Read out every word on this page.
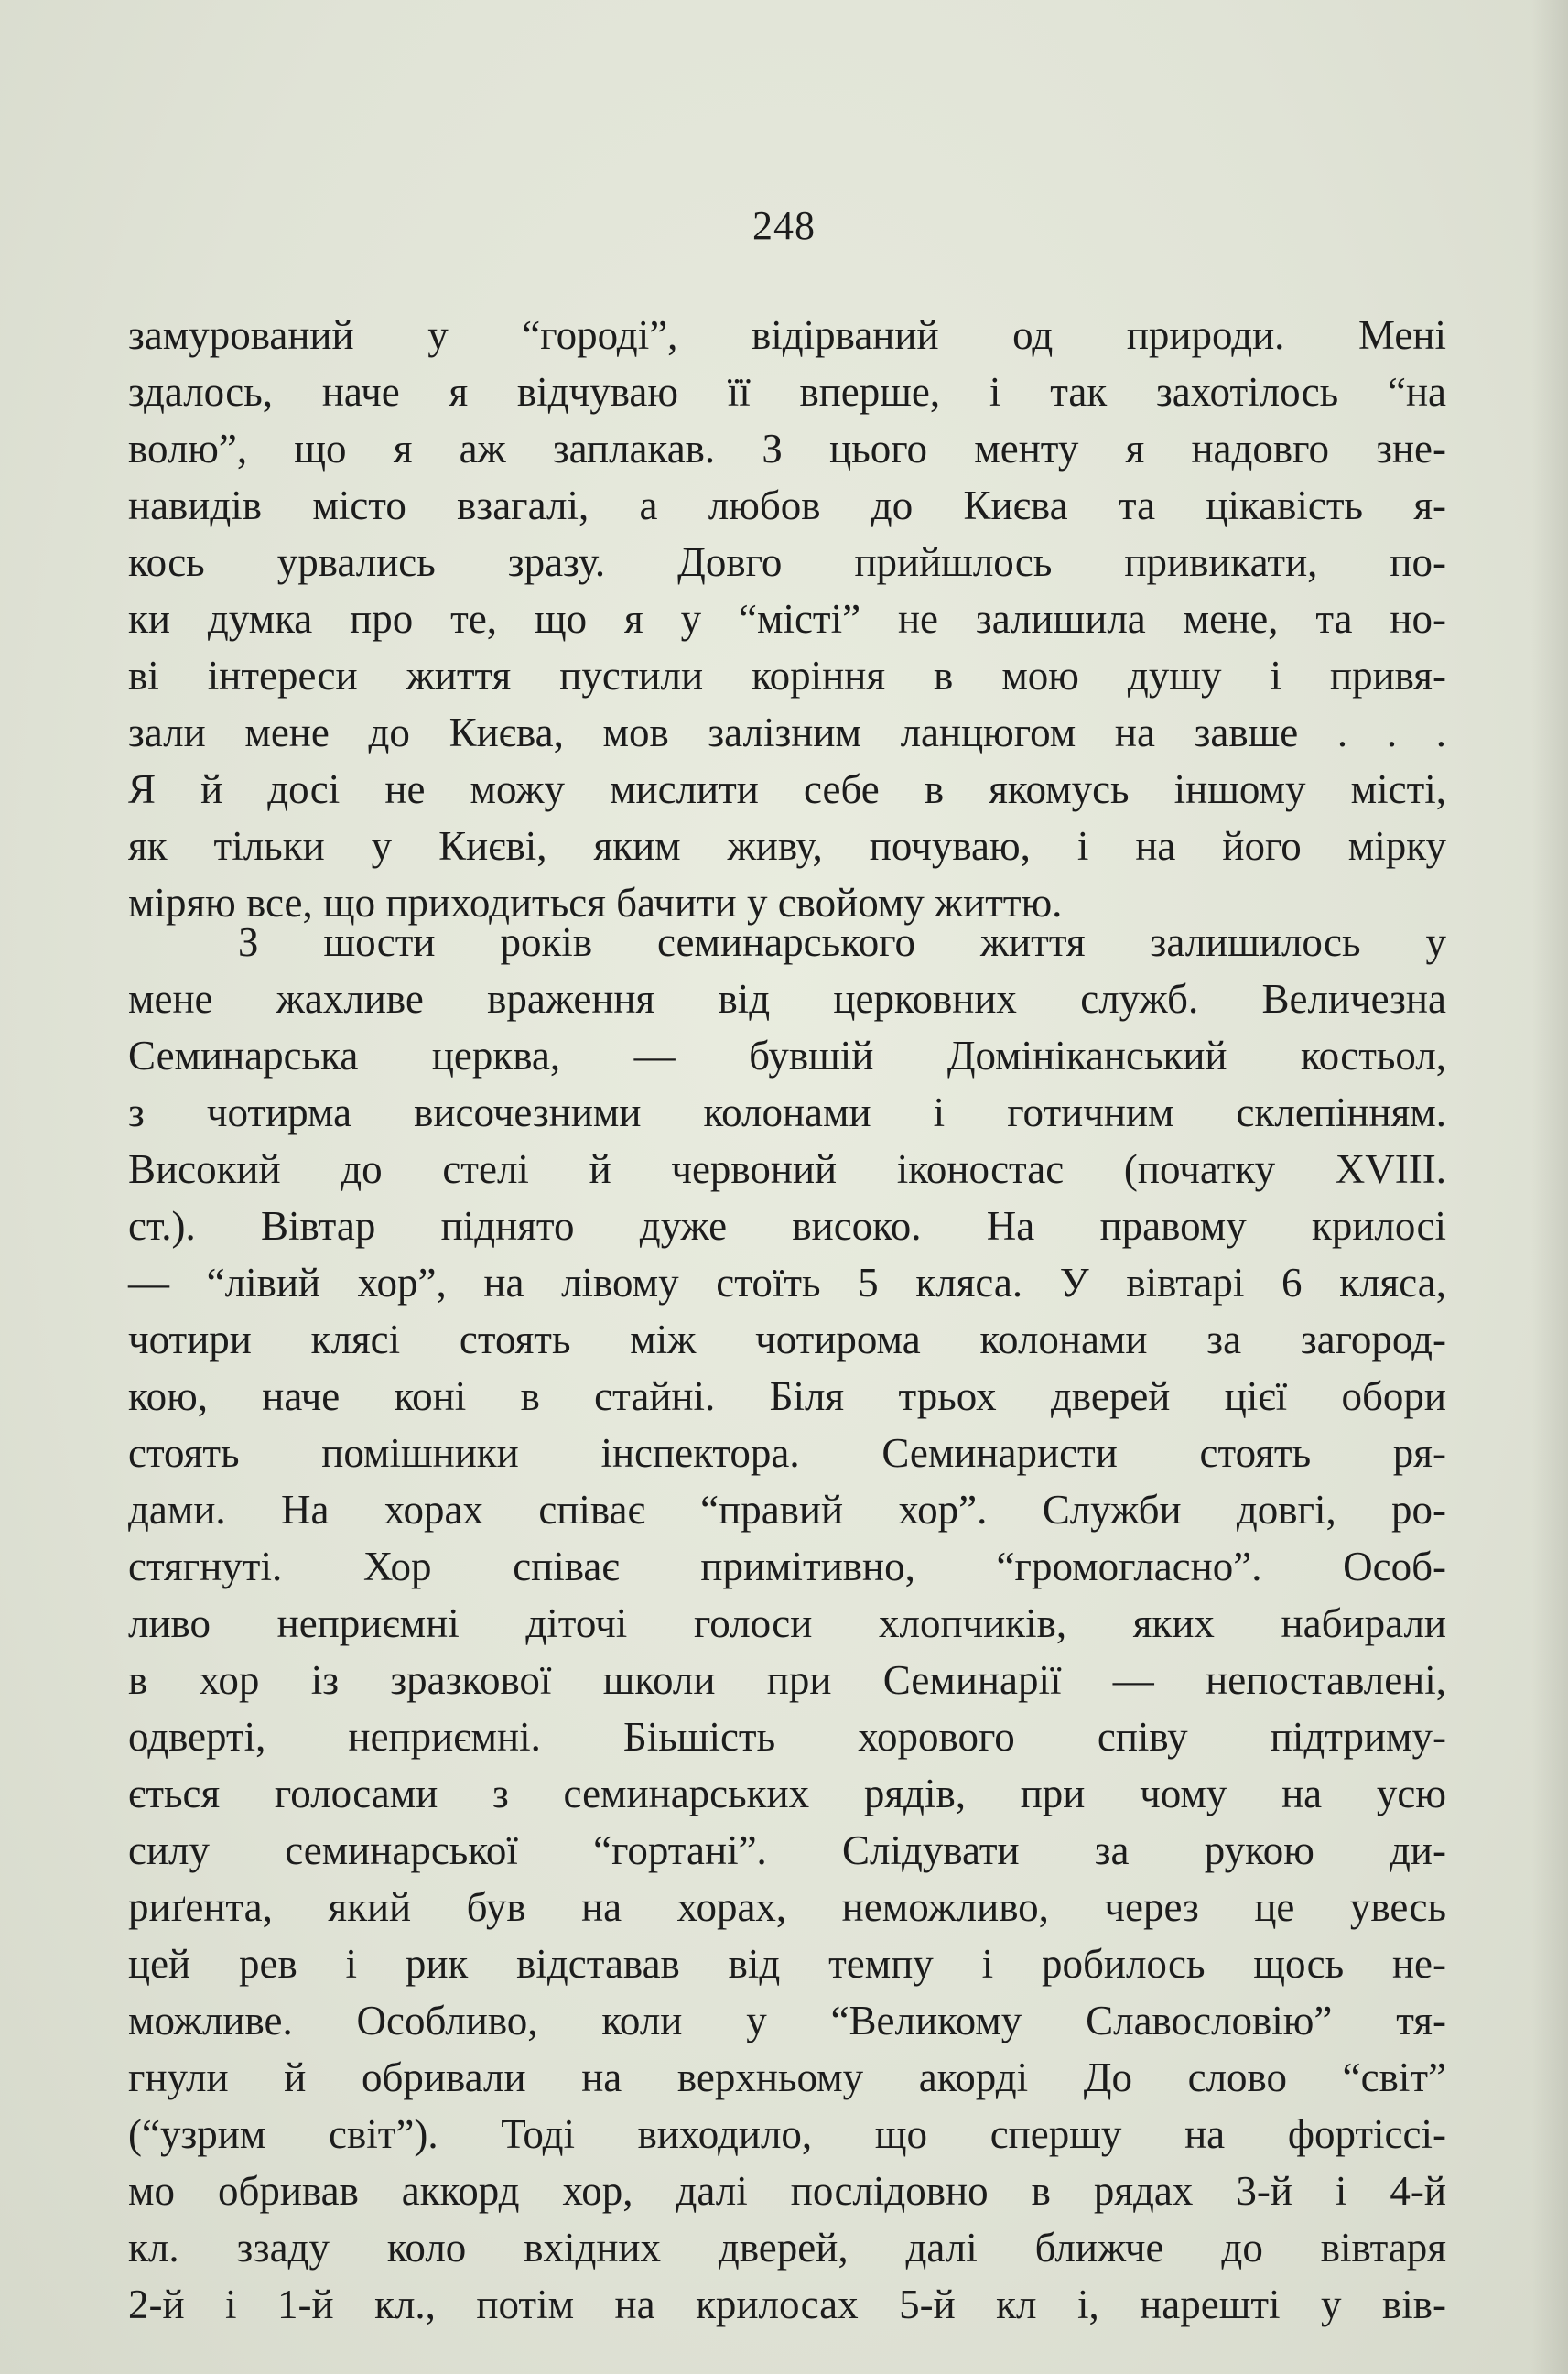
248
замурований у “городі”, відірваний од природи. Мені
здалось, наче я відчуваю її вперше, і так захотілось “на
волю”, що я аж заплакав. З цього менту я надовго зне-
навидів місто взагалі, а любов до Києва та цікавість я-
кось урвались зразу. Довго прийшлось привикати, по-
ки думка про те, що я у “місті” не залишила мене, та но-
ві інтереси життя пустили коріння в мою душу і привя-
зали мене до Києва, мов залізним ланцюгом на завше . . .
Я й досі не можу мислити себе в якомусь іншому місті,
як тільки у Києві, яким живу, почуваю, і на його мірку
міряю все, що приходиться бачити у свойому життю.
З шости років семинарського життя залишилось у
мене жахливе враження від церковних служб. Величезна
Семинарська церква, — бувшій Домініканський костьол,
з чотирма височезними колонами і готичним склепінням.
Високий до стелі й червоний іконостас (початку XVIII.
ст.). Вівтар піднято дуже високо. На правому крилосі
— “лівий хор”, на лівому стоїть 5 кляса. У вівтарі 6 кляса,
чотири клясі стоять між чотирома колонами за загород-
кою, наче коні в стайні. Біля трьох дверей цієї обори
стоять помішники інспектора. Семинаристи стоять ря-
дами. На хорах співає “правий хор”. Служби довгі, ро-
стягнуті. Хор співає примітивно, “громогласно”. Особ-
ливо неприємні діточі голоси хлопчиків, яких набирали
в хор із зразкової школи при Семинарії — непоставлені,
одверті, неприємні. Біьшість хорового співу підтриму-
ється голосами з семинарських рядів, при чому на усю
силу семинарської “гортані”. Слідувати за рукою ди-
риґента, який був на хорах, неможливо, через це увесь
цей рев і рик відставав від темпу і робилось щось не-
можливе. Особливо, коли у “Великому Славословію” тя-
гнули й обривали на верхньому акорді До слово “світ”
(“узрим світ”). Тоді виходило, що спершу на фортіссі-
мо обривав аккорд хор, далі послідовно в рядах 3-й і 4-й
кл. ззаду коло вхідних дверей, далі ближче до вівтаря
2-й і 1-й кл., потім на крилосах 5-й кл і, нарешті у вів-
